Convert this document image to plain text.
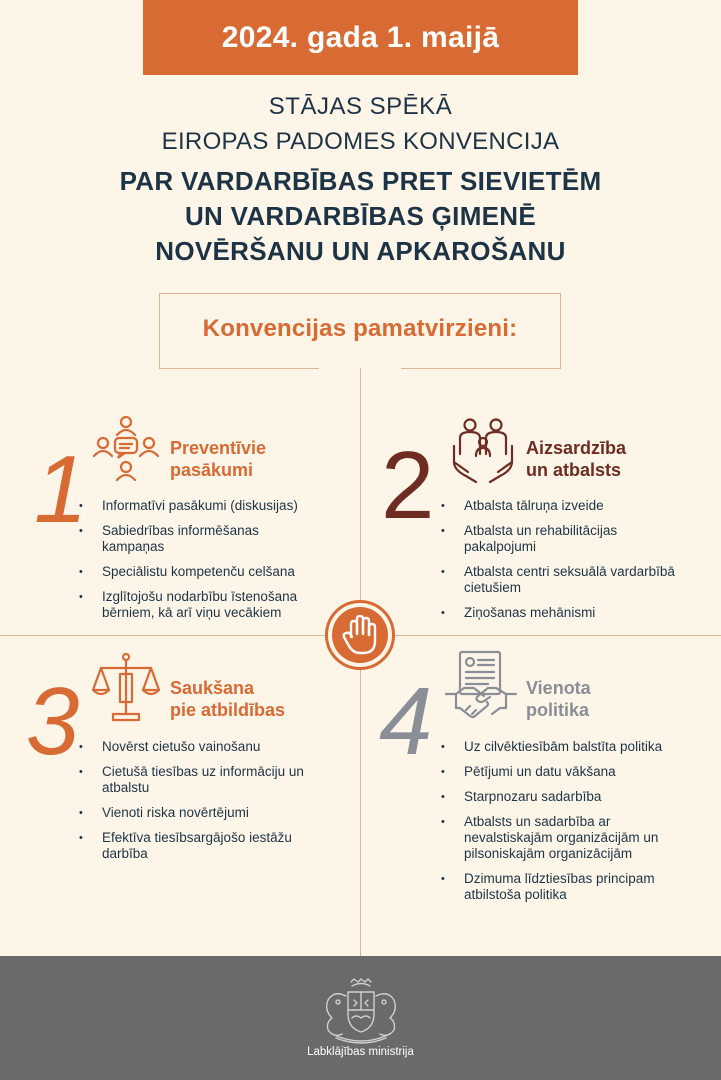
2024. gada 1. maijā
STĀJAS SPĒKĀ
EIROPAS PADOMES KONVENCIJA
PAR VARDARBĪBAS PRET SIEVIETĒM
UN VARDARBĪBAS ĢIMENĒ
NOVĒRŠANU UN APKAROŠANU
Konvencijas pamatvirzieni:
1	Preventīvie
pasākumi
• Informatīvi pasākumi (diskusijas)
• Sabiedrības informēšanas kampaņas
• Speciālistu kompetenču celšana
• Izglītojošu nodarbību īstenošana bērniem, kā arī viņu vecākiem
2	Aizsardzība
un atbalsts
• Atbalsta tālruņa izveide
• Atbalsta un rehabilitācijas pakalpojumi
• Atbalsta centri seksuālā vardarbībā cietušiem
• Ziņošanas mehānismi
3	Saukšana
pie atbildības
• Novērst cietušo vainošanu
• Cietušā tiesības uz informāciju un atbalstu
• Vienoti riska novērtējumi
• Efektīva tiesībsargājošo iestāžu darbība
4	Vienota
politika
• Uz cilvēktiesībām balstīta politika
• Pētījumi un datu vākšana
• Starpnozaru sadarbība
• Atbalsts un sadarbība ar nevalstiskajām organizācijām un pilsoniskajām organizācijām
• Dzimuma līdztiesības principam atbilstoša politika
Labklājības ministrija
